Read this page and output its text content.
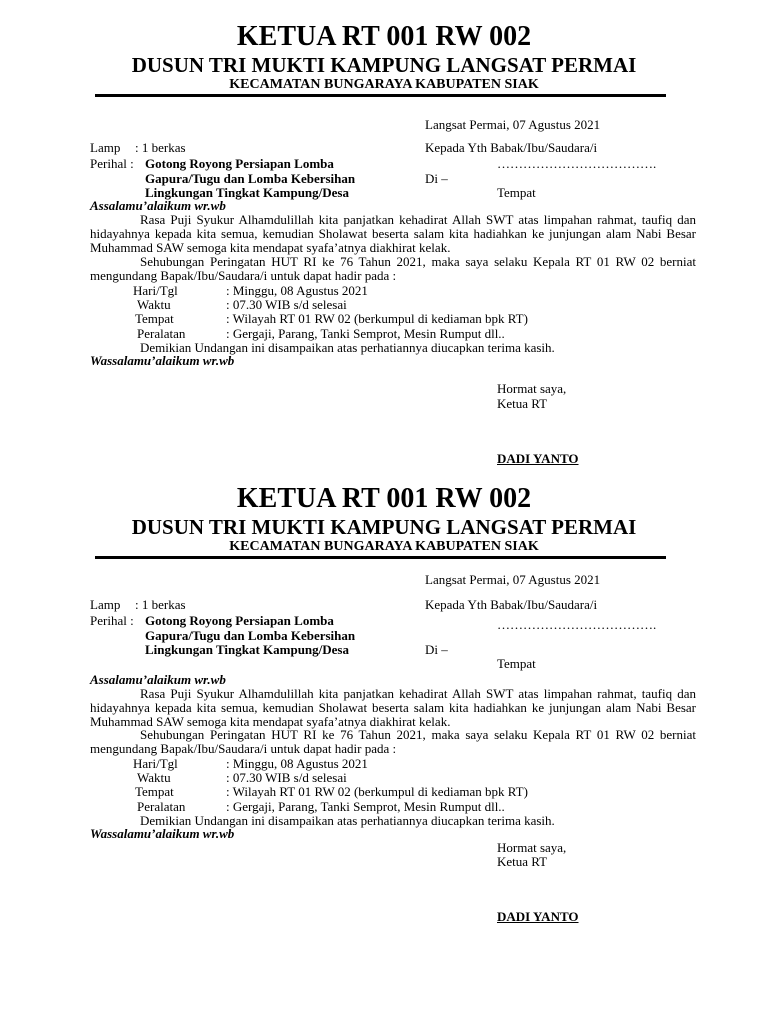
KETUA RT 001 RW 002
DUSUN TRI MUKTI KAMPUNG LANGSAT PERMAI
KECAMATAN BUNGARAYA KABUPATEN SIAK
Langsat Permai, 07 Agustus 2021
Lamp : 1 berkas	Kepada Yth Babak/Ibu/Saudara/i
Perihal : Gotong Royong Persiapan Lomba	……………………………….
Gapura/Tugu dan Lomba Kebersihan	Di –
Lingkungan Tingkat Kampung/Desa	Tempat
Assalamu’alaikum wr.wb
Rasa Puji Syukur Alhamdulillah kita panjatkan kehadirat Allah SWT atas limpahan rahmat, taufiq dan hidayahnya kepada kita semua, kemudian Sholawat beserta salam kita hadiahkan ke junjungan alam Nabi Besar Muhammad SAW semoga kita mendapat syafa’atnya diakhirat kelak.
Sehubungan Peringatan HUT RI ke 76 Tahun 2021, maka saya selaku Kepala RT 01 RW 02 berniat mengundang Bapak/Ibu/Saudara/i untuk dapat hadir pada :
Hari/Tgl	: Minggu, 08 Agustus 2021
Waktu	: 07.30 WIB s/d selesai
Tempat	: Wilayah RT 01 RW 02 (berkumpul di kediaman bpk RT)
Peralatan	: Gergaji, Parang, Tanki Semprot, Mesin Rumput dll..
Demikian Undangan ini disampaikan atas perhatiannya diucapkan terima kasih.
Wassalamu’alaikum wr.wb
Hormat saya,
Ketua RT
DADI YANTO
KETUA RT 001 RW 002
DUSUN TRI MUKTI KAMPUNG LANGSAT PERMAI
KECAMATAN BUNGARAYA KABUPATEN SIAK
Langsat Permai, 07 Agustus 2021
Lamp : 1 berkas	Kepada Yth Babak/Ibu/Saudara/i
Perihal : Gotong Royong Persiapan Lomba	……………………………….
Gapura/Tugu dan Lomba Kebersihan
Lingkungan Tingkat Kampung/Desa	Di –
Tempat
Assalamu’alaikum wr.wb
Rasa Puji Syukur Alhamdulillah kita panjatkan kehadirat Allah SWT atas limpahan rahmat, taufiq dan hidayahnya kepada kita semua, kemudian Sholawat beserta salam kita hadiahkan ke junjungan alam Nabi Besar Muhammad SAW semoga kita mendapat syafa’atnya diakhirat kelak.
Sehubungan Peringatan HUT RI ke 76 Tahun 2021, maka saya selaku Kepala RT 01 RW 02 berniat mengundang Bapak/Ibu/Saudara/i untuk dapat hadir pada :
Hari/Tgl	: Minggu, 08 Agustus 2021
Waktu	: 07.30 WIB s/d selesai
Tempat	: Wilayah RT 01 RW 02 (berkumpul di kediaman bpk RT)
Peralatan	: Gergaji, Parang, Tanki Semprot, Mesin Rumput dll..
Demikian Undangan ini disampaikan atas perhatiannya diucapkan terima kasih.
Wassalamu’alaikum wr.wb
Hormat saya,
Ketua RT
DADI YANTO
